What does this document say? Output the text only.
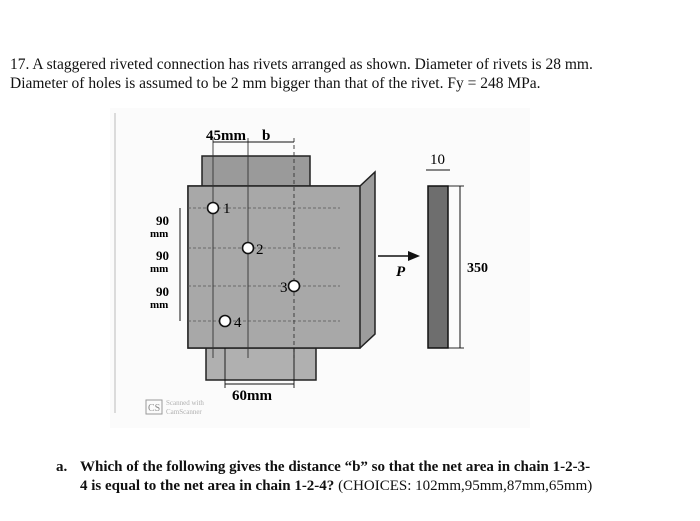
17. A staggered riveted connection has rivets arranged as shown. Diameter of rivets is 28 mm.

Diameter of holes is assumed to be 2 mm bigger than that of the rivet. Fy = 248 MPa.

1
2
3
4
45mm b
90
mm
90
mm
90
mm
60mm
P
10
350
CS Scanned with
CamScanner
a. Which of the following gives the distance “b” so that the net area in chain 1-2-3-
4 is equal to the net area in chain 1-2-4? (CHOICES: 102mm,95mm,87mm,65mm)
